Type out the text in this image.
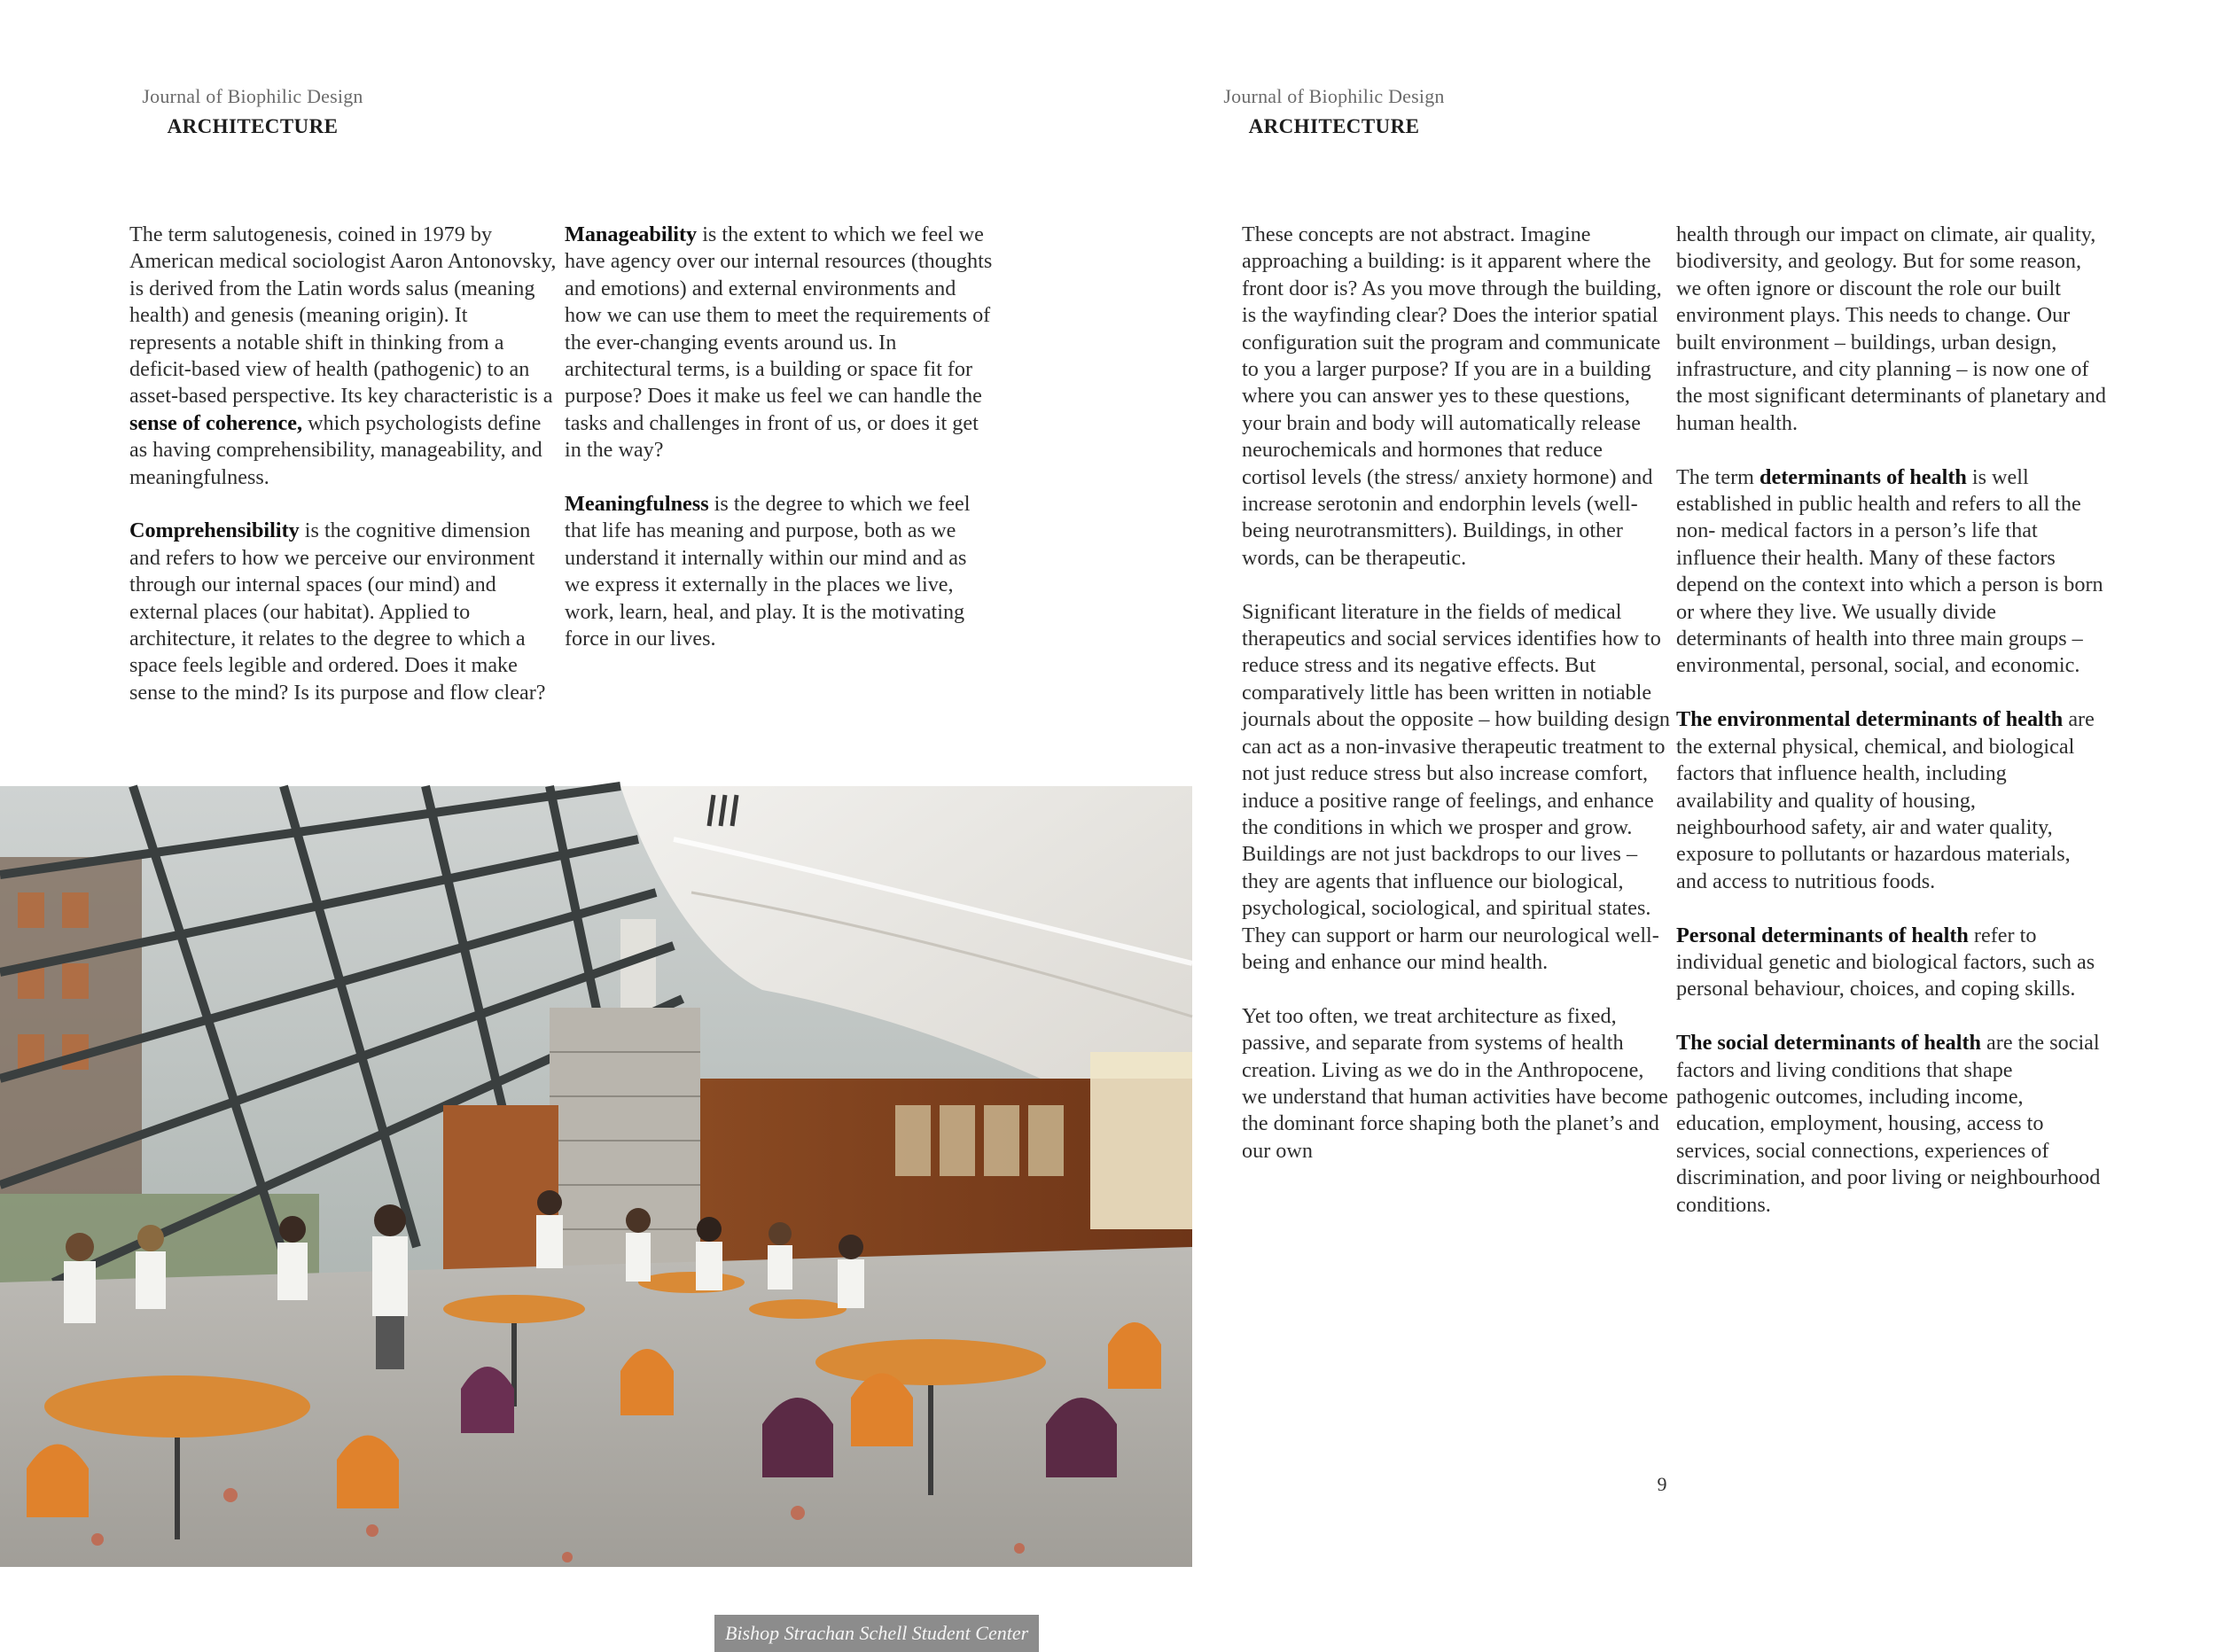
Journal of Biophilic Design
ARCHITECTURE

The term salutogenesis, coined in 1979 by American medical sociologist Aaron Antonovsky, is derived from the Latin words salus (meaning health) and genesis (meaning origin). It represents a notable shift in thinking from a deficit-based view of health (pathogenic) to an asset-based perspective. Its key characteristic is a sense of coherence, which psychologists define as having comprehensibility, manageability, and meaningfulness.

Comprehensibility is the cognitive dimension and refers to how we perceive our environment through our internal spaces (our mind) and external places (our habitat). Applied to architecture, it relates to the degree to which a space feels legible and ordered. Does it make sense to the mind? Is its purpose and flow clear?

Manageability is the extent to which we feel we have agency over our internal resources (thoughts and emotions) and external environments and how we can use them to meet the requirements of the ever-changing events around us. In architectural terms, is a building or space fit for purpose? Does it make us feel we can handle the tasks and challenges in front of us, or does it get in the way?

Meaningfulness is the degree to which we feel that life has meaning and purpose, both as we understand it internally within our mind and as we express it externally in the places we live, work, learn, heal, and play. It is the motivating force in our lives.

Bishop Strachan Schell Student Center
Journal of Biophilic Design
ARCHITECTURE

These concepts are not abstract. Imagine approaching a building: is it apparent where the front door is? As you move through the building, is the wayfinding clear? Does the interior spatial configuration suit the program and communicate to you a larger purpose? If you are in a building where you can answer yes to these questions, your brain and body will automatically release neurochemicals and hormones that reduce cortisol levels (the stress/ anxiety hormone) and increase serotonin and endorphin levels (well-being neurotransmitters). Buildings, in other words, can be therapeutic.

Significant literature in the fields of medical therapeutics and social services identifies how to reduce stress and its negative effects. But comparatively little has been written in notiable journals about the opposite – how building design can act as a non-invasive therapeutic treatment to not just reduce stress but also increase comfort, induce a positive range of feelings, and enhance the conditions in which we prosper and grow. Buildings are not just backdrops to our lives – they are agents that influence our biological, psychological, sociological, and spiritual states. They can support or harm our neurological well-being and enhance our mind health.

Yet too often, we treat architecture as fixed, passive, and separate from systems of health creation. Living as we do in the Anthropocene, we understand that human activities have become the dominant force shaping both the planet’s and our own

health through our impact on climate, air quality, biodiversity, and geology. But for some reason, we often ignore or discount the role our built environment plays. This needs to change. Our built environment – buildings, urban design, infrastructure, and city planning – is now one of the most significant determinants of planetary and human health.

The term determinants of health is well established in public health and refers to all the non- medical factors in a person’s life that influence their health. Many of these factors depend on the context into which a person is born or where they live. We usually divide determinants of health into three main groups – environmental, personal, social, and economic.

The environmental determinants of health are the external physical, chemical, and biological factors that influence health, including availability and quality of housing, neighbourhood safety, air and water quality, exposure to pollutants or hazardous materials, and access to nutritious foods.

Personal determinants of health refer to individual genetic and biological factors, such as personal behaviour, choices, and coping skills.

The social determinants of health are the social factors and living conditions that shape pathogenic outcomes, including income, education, employment, housing, access to services, social connections, experiences of discrimination, and poor living or neighbourhood conditions.

9
